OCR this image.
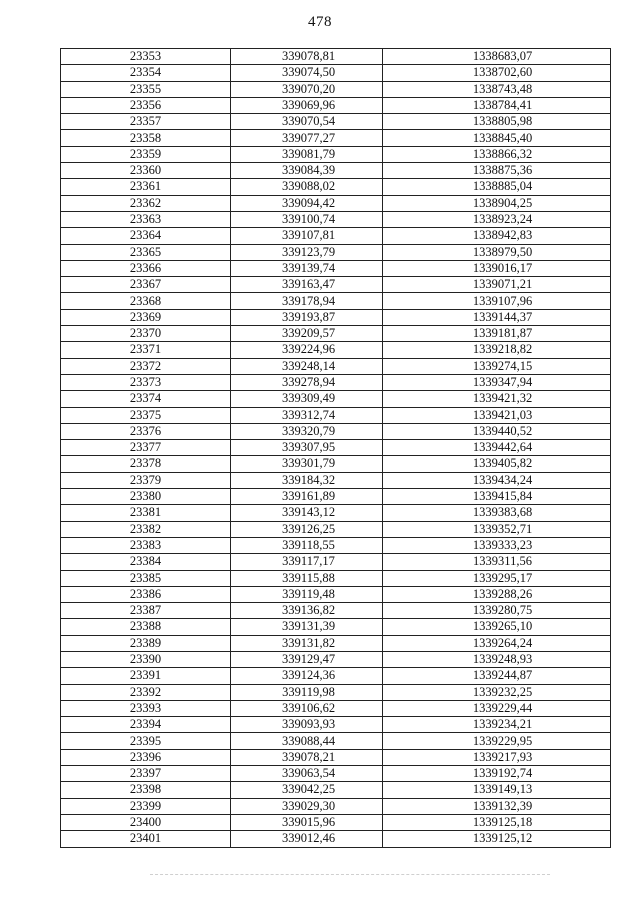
478
23353	339078,81	1338683,07
23354	339074,50	1338702,60
23355	339070,20	1338743,48
23356	339069,96	1338784,41
23357	339070,54	1338805,98
23358	339077,27	1338845,40
23359	339081,79	1338866,32
23360	339084,39	1338875,36
23361	339088,02	1338885,04
23362	339094,42	1338904,25
23363	339100,74	1338923,24
23364	339107,81	1338942,83
23365	339123,79	1338979,50
23366	339139,74	1339016,17
23367	339163,47	1339071,21
23368	339178,94	1339107,96
23369	339193,87	1339144,37
23370	339209,57	1339181,87
23371	339224,96	1339218,82
23372	339248,14	1339274,15
23373	339278,94	1339347,94
23374	339309,49	1339421,32
23375	339312,74	1339421,03
23376	339320,79	1339440,52
23377	339307,95	1339442,64
23378	339301,79	1339405,82
23379	339184,32	1339434,24
23380	339161,89	1339415,84
23381	339143,12	1339383,68
23382	339126,25	1339352,71
23383	339118,55	1339333,23
23384	339117,17	1339311,56
23385	339115,88	1339295,17
23386	339119,48	1339288,26
23387	339136,82	1339280,75
23388	339131,39	1339265,10
23389	339131,82	1339264,24
23390	339129,47	1339248,93
23391	339124,36	1339244,87
23392	339119,98	1339232,25
23393	339106,62	1339229,44
23394	339093,93	1339234,21
23395	339088,44	1339229,95
23396	339078,21	1339217,93
23397	339063,54	1339192,74
23398	339042,25	1339149,13
23399	339029,30	1339132,39
23400	339015,96	1339125,18
23401	339012,46	1339125,12
